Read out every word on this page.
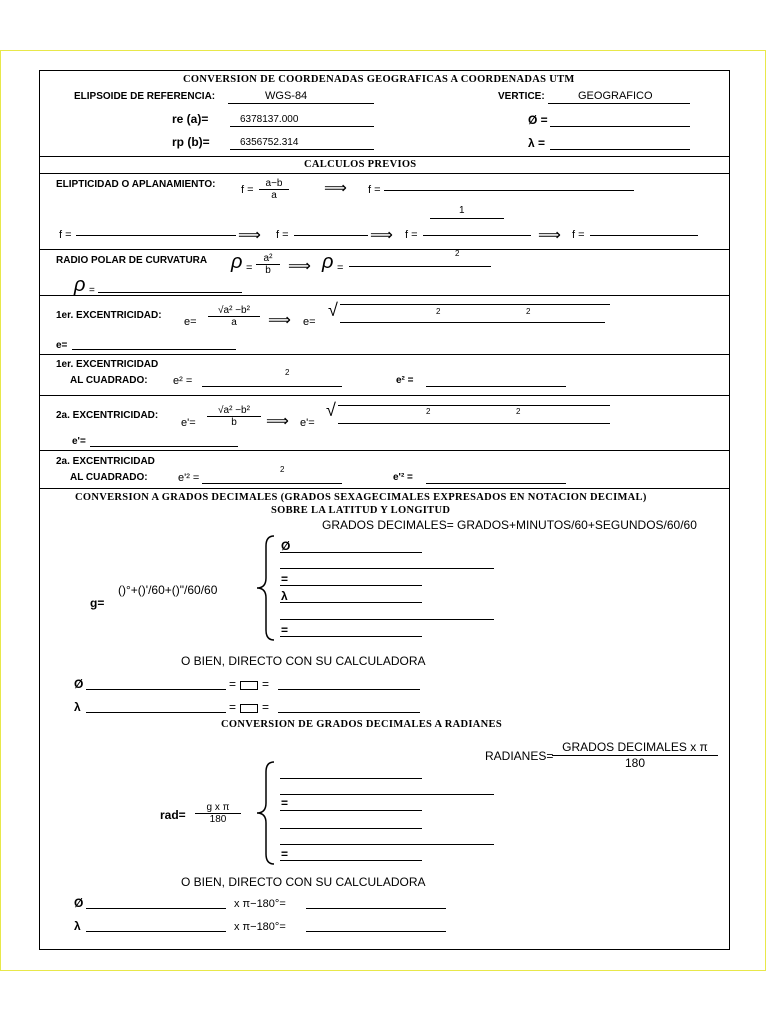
CONVERSION DE COORDENADAS GEOGRAFICAS A COORDENADAS UTM
ELIPSOIDE DE REFERENCIA:	WGS-84	VERTICE:	GEOGRAFICO
re (a)=	6378137.000	Ø =
rp (b)=	6356752.314	λ =
CALCULOS PREVIOS
ELIPTICIDAD O APLANAMIENTO: $f = \frac{a-b}{a}$ ⟹ f =
1
f =	⟹ f =	⟹ f =	⟹ f =
RADIO POLAR DE CURVATURA $\rho = \frac{\text{a²}}{b}$ ⟹ ρ =
2
ρ =
1er. EXCENTRICIDAD:
$e= \frac{\text{√a² −b²}}{a}$ ⟹ e=
√	2	2
e=
1er. EXCENTRICIDAD
AL CUADRADO: e² =
2
e² =
2a. EXCENTRICIDAD:
$e'= \frac{\text{√a² −b²}}{b}$ ⟹ e'=
√	2	2
e'=
2a. EXCENTRICIDAD
AL CUADRADO:	e'² =
2
e'² =
CONVERSION A GRADOS DECIMALES (GRADOS SEXAGECIMALES EXPRESADOS EN NOTACION DECIMAL)
SOBRE LA LATITUD Y LONGITUD
GRADOS DECIMALES= GRADOS+MINUTOS/60+SEGUNDOS/60/60
g=
()°+()'/60+()"/60/60
Ø
=
λ
=
O BIEN, DIRECTO CON SU CALCULADORA
Ø	= =
λ	= =
CONVERSION DE GRADOS DECIMALES A RADIANES
RADIANES=
GRADOS DECIMALES x π
180
$rad= \frac{\text{g x π}}{180}$	=
=
O BIEN, DIRECTO CON SU CALCULADORA
Ø	x π−180°=
λ	x π−180°=
